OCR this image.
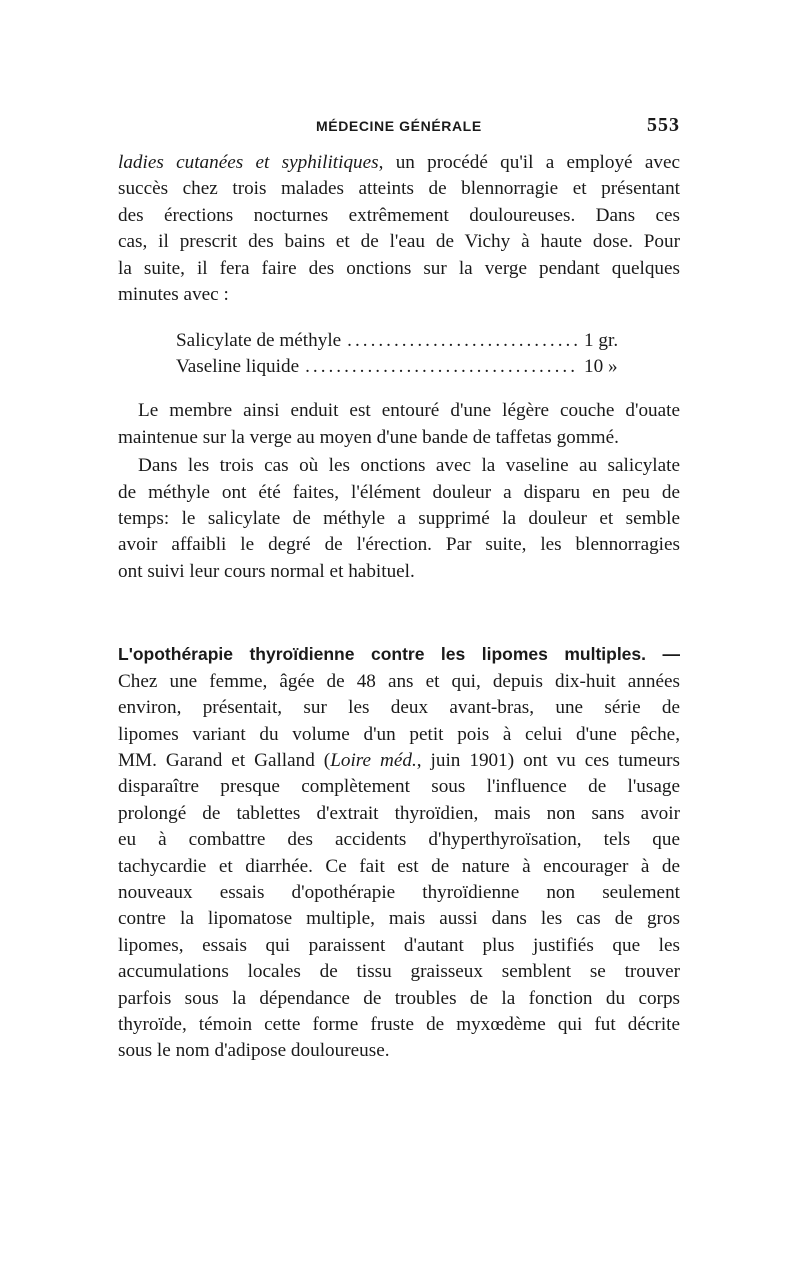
MÉDECINE GÉNÉRALE	553

ladies cutanées et syphilitiques, un procédé qu'il a employé avec
succès chez trois malades atteints de blennorragie et présentant
des érections nocturnes extrêmement douloureuses. Dans ces
cas, il prescrit des bains et de l'eau de Vichy à haute dose. Pour
la suite, il fera faire des onctions sur la verge pendant quelques
minutes avec :

Salicylate de méthyle .....	1 gr.
Vaseline liquide .....	10 »

Le membre ainsi enduit est entouré d'une légère couche d'ouate
maintenue sur la verge au moyen d'une bande de taffetas gommé.

Dans les trois cas où les onctions avec la vaseline au salicylate
de méthyle ont été faites, l'élément douleur a disparu en peu de
temps: le salicylate de méthyle a supprimé la douleur et semble
avoir affaibli le degré de l'érection. Par suite, les blennorragies
ont suivi leur cours normal et habituel.

L'opothérapie thyroïdienne contre les lipomes multiples. —
Chez une femme, âgée de 48 ans et qui, depuis dix-huit années
environ, présentait, sur les deux avant-bras, une série de
lipomes variant du volume d'un petit pois à celui d'une pêche,
MM. Garand et Galland (Loire méd., juin 1901) ont vu ces tumeurs
disparaître presque complètement sous l'influence de l'usage
prolongé de tablettes d'extrait thyroïdien, mais non sans avoir
eu à combattre des accidents d'hyperthyroïsation, tels que
tachycardie et diarrhée. Ce fait est de nature à encourager à de
nouveaux essais d'opothérapie thyroïdienne non seulement
contre la lipomatose multiple, mais aussi dans les cas de gros
lipomes, essais qui paraissent d'autant plus justifiés que les
accumulations locales de tissu graisseux semblent se trouver
parfois sous la dépendance de troubles de la fonction du corps
thyroïde, témoin cette forme fruste de myxœdème qui fut décrite
sous le nom d'adipose douloureuse.
